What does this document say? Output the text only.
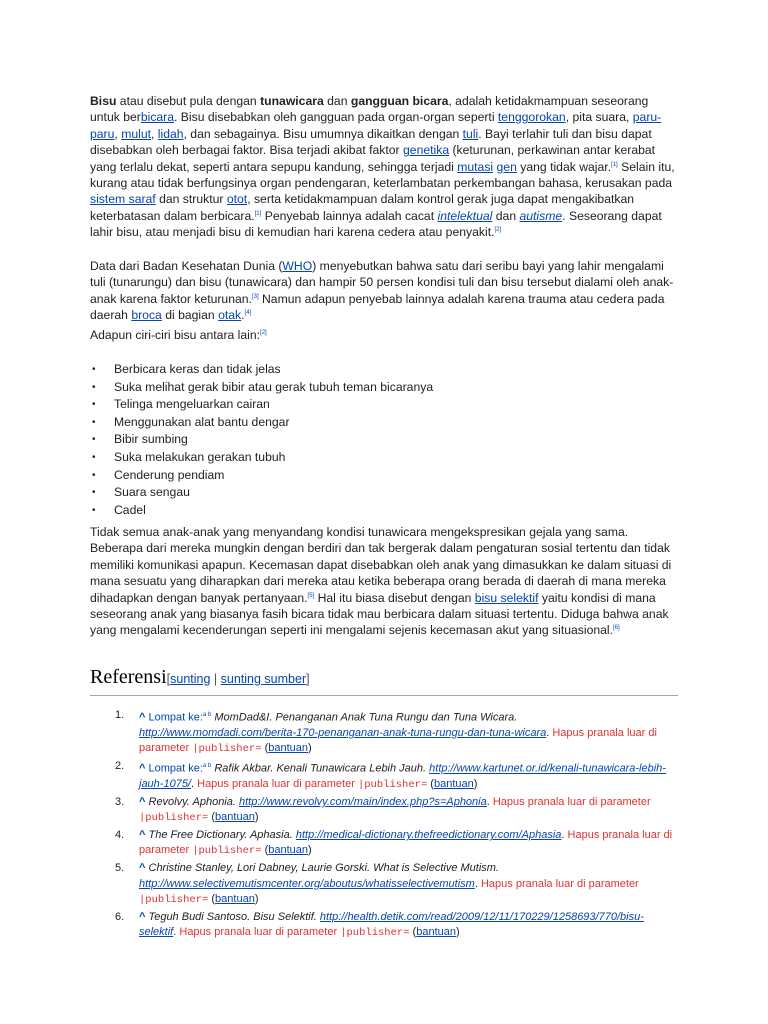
Bisu atau disebut pula dengan tunawicara dan gangguan bicara, adalah ketidakmampuan seseorang untuk berbicara. Bisu disebabkan oleh gangguan pada organ-organ seperti tenggorokan, pita suara, paru-paru, mulut, lidah, dan sebagainya. Bisu umumnya dikaitkan dengan tuli. Bayi terlahir tuli dan bisu dapat disebabkan oleh berbagai faktor. Bisa terjadi akibat faktor genetika (keturunan, perkawinan antar kerabat yang terlalu dekat, seperti antara sepupu kandung, sehingga terjadi mutasi gen yang tidak wajar.[1] Selain itu, kurang atau tidak berfungsinya organ pendengaran, keterlambatan perkembangan bahasa, kerusakan pada sistem saraf dan struktur otot, serta ketidakmampuan dalam kontrol gerak juga dapat mengakibatkan keterbatasan dalam berbicara.[1] Penyebab lainnya adalah cacat intelektual dan autisme. Seseorang dapat lahir bisu, atau menjadi bisu di kemudian hari karena cedera atau penyakit.[2]

Data dari Badan Kesehatan Dunia (WHO) menyebutkan bahwa satu dari seribu bayi yang lahir mengalami tuli (tunarungu) dan bisu (tunawicara) dan hampir 50 persen kondisi tuli dan bisu tersebut dialami oleh anak-anak karena faktor keturunan.[3] Namun adapun penyebab lainnya adalah karena trauma atau cedera pada daerah broca di bagian otak.[4]

Adapun ciri-ciri bisu antara lain:[2]

• Berbicara keras dan tidak jelas
• Suka melihat gerak bibir atau gerak tubuh teman bicaranya
• Telinga mengeluarkan cairan
• Menggunakan alat bantu dengar
• Bibir sumbing
• Suka melakukan gerakan tubuh
• Cenderung pendiam
• Suara sengau
• Cadel

Tidak semua anak-anak yang menyandang kondisi tunawicara mengekspresikan gejala yang sama. Beberapa dari mereka mungkin dengan berdiri dan tak bergerak dalam pengaturan sosial tertentu dan tidak memiliki komunikasi apapun. Kecemasan dapat disebabkan oleh anak yang dimasukkan ke dalam situasi di mana sesuatu yang diharapkan dari mereka atau ketika beberapa orang berada di daerah di mana mereka dihadapkan dengan banyak pertanyaan.[5] Hal itu biasa disebut dengan bisu selektif yaitu kondisi di mana seseorang anak yang biasanya fasih bicara tidak mau berbicara dalam situasi tertentu. Diduga bahwa anak yang mengalami kecenderungan seperti ini mengalami sejenis kecemasan akut yang situasional.[6]

Referensi[sunting | sunting sumber]
1. ^ Lompat ke:$^{a b}$ MomDad&I. Penanganan Anak Tuna Rungu dan Tuna Wicara. http://www.momdadi.com/berita-170-penanganan-anak-tuna-rungu-dan-tuna-wicara. Hapus pranala luar di parameter |publisher= (bantuan)
2. ^ Lompat ke:$^{a b}$ Rafik Akbar. Kenali Tunawicara Lebih Jauh. http://www.kartunet.or.id/kenali-tunawicara-lebih-jauh-1075/. Hapus pranala luar di parameter |publisher= (bantuan)
3. ^ Revolvy. Aphonia. http://www.revolvy.com/main/index.php?s=Aphonia. Hapus pranala luar di parameter |publisher= (bantuan)
4. ^ The Free Dictionary. Aphasia. http://medical-dictionary.thefreedictionary.com/Aphasia. Hapus pranala luar di parameter |publisher= (bantuan)
5. ^ Christine Stanley, Lori Dabney, Laurie Gorski. What is Selective Mutism. http://www.selectivemutismcenter.org/aboutus/whatisselectivemutism. Hapus pranala luar di parameter |publisher= (bantuan)
6. ^ Teguh Budi Santoso. Bisu Selektif. http://health.detik.com/read/2009/12/11/170229/1258693/770/bisu-selektif. Hapus pranala luar di parameter |publisher= (bantuan)
